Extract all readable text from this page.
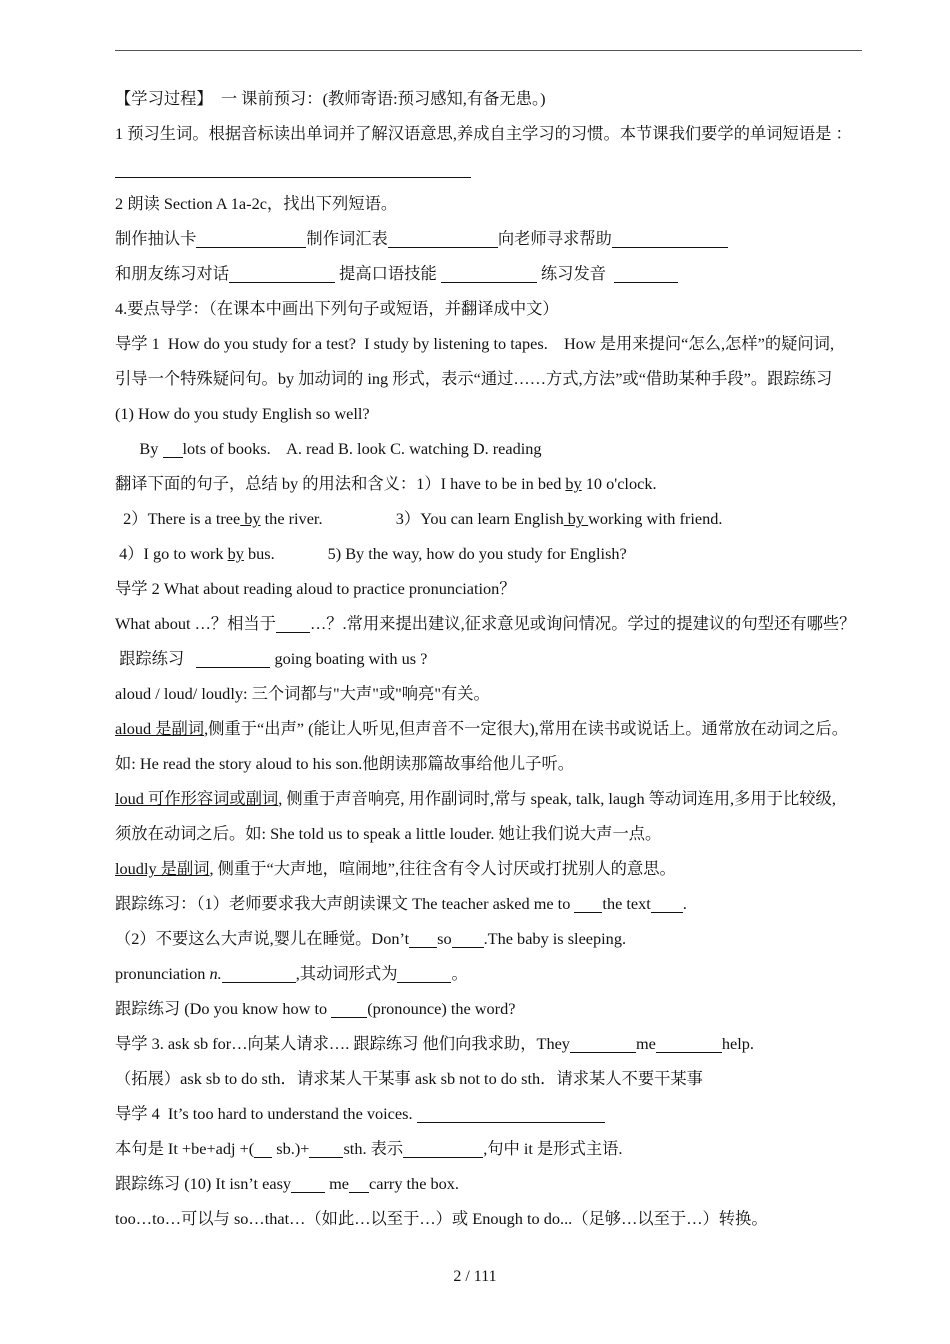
【学习过程】  一 课前预习：(教师寄语:预习感知,有备无患。)
1 预习生词。根据音标读出单词并了解汉语意思,养成自主学习的习惯。本节课我们要学的单词短语是 ：
2 朗读 Section A 1a-2c，找出下列短语。
制作抽认卡	制作词汇表	向老师寻求帮助
和朋友练习对话	提高口语技能	练习发音
4.要点导学：（在课本中画出下列句子或短语，并翻译成中文）
导学 1  How do you study for a test?  I study by listening to tapes.    How 是用来提问“怎么,怎样”的疑问词,
引导一个特殊疑问句。by 加动词的 ing 形式，表示“通过……方式,方法”或“借助某种手段”。跟踪练习
(1) How do you study English so well?
By lots of books.    A. read B. look C. watching D. reading
翻译下面的句子，总结 by 的用法和含义：1）I have to be in bed by 10 o'clock.
2）There is a tree by the river.                  3）You can learn English by working with friend.
4）I go to work by bus.             5) By the way, how do you study for English?
导学 2 What about reading aloud to practice pronunciation？
What about …？相当于 …？.常用来提出建议,征求意见或询问情况。学过的提建议的句型还有哪些？
跟踪练习	going boating with us ?
aloud / loud/ loudly: 三个词都与"大声"或"响亮"有关。
aloud 是副词,侧重于“出声” (能让人听见,但声音不一定很大),常用在读书或说话上。通常放在动词之后。
如: He read the story aloud to his son.他朗读那篇故事给他儿子听。
loud 可作形容词或副词, 侧重于声音响亮, 用作副词时,常与 speak, talk, laugh 等动词连用,多用于比较级,
须放在动词之后。如: She told us to speak a little louder. 她让我们说大声一点。
loudly 是副词, 侧重于“大声地，喧闹地”,往往含有令人讨厌或打扰别人的意思。
跟踪练习：（1）老师要求我大声朗读课文 The teacher asked me to the text .
（2）不要这么大声说,婴儿在睡觉。Don’t so .The baby is sleeping.
pronunciation n.	,其动词形式为	。
跟踪练习 (Do you know how to (pronounce) the word?
导学 3. ask sb for…向某人请求…. 跟踪练习 他们向我求助，They	me	help.
（拓展）ask sb to do sth．请求某人干某事 ask sb not to do sth．请求某人不要干某事
导学 4  It’s too hard to understand the voices.
本句是 It +be+adj +( sb.)+ sth. 表示	,句中 it 是形式主语.
跟踪练习 (10) It isn’t easy me carry the box.
too…to…可以与 so…that…（如此…以至于…）或 Enough to do...（足够…以至于…）转换。
2 / 111
